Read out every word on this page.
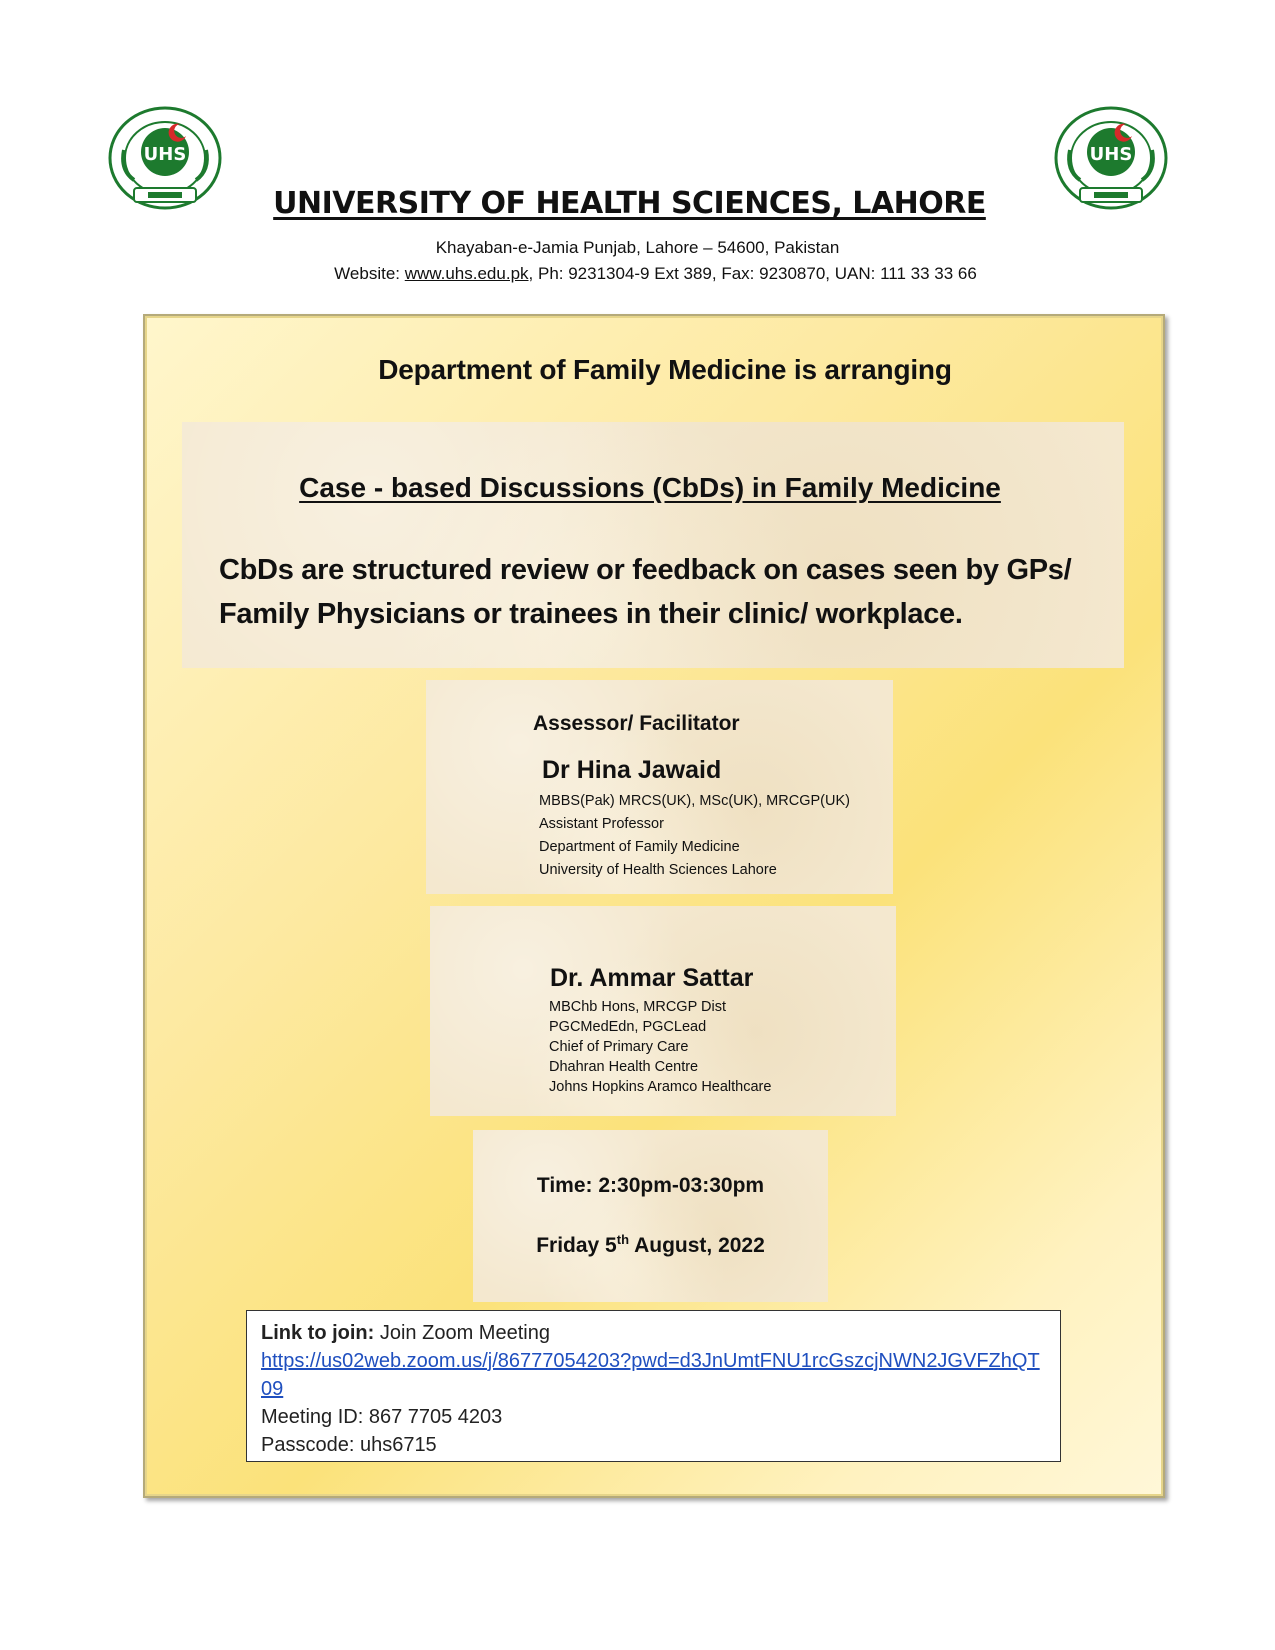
UHS	UHS
UNIVERSITY OF HEALTH SCIENCES, LAHORE
Khayaban-e-Jamia Punjab, Lahore – 54600, Pakistan
Website: www.uhs.edu.pk, Ph: 9231304-9 Ext 389, Fax: 9230870, UAN: 111 33 33 66
Department of Family Medicine is arranging
Case - based Discussions (CbDs) in Family Medicine
CbDs are structured review or feedback on cases seen by GPs/
Family Physicians or trainees in their clinic/ workplace.
Assessor/ Facilitator
Dr Hina Jawaid
MBBS(Pak) MRCS(UK), MSc(UK), MRCGP(UK)
Assistant Professor
Department of Family Medicine
University of Health Sciences Lahore
Dr. Ammar Sattar
MBChb Hons, MRCGP Dist
PGCMedEdn, PGCLead
Chief of Primary Care
Dhahran Health Centre
Johns Hopkins Aramco Healthcare
Time: 2:30pm-03:30pm
Friday 5th August, 2022
Link to join: Join Zoom Meeting
https://us02web.zoom.us/j/86777054203?pwd=d3JnUmtFNU1rcGszcjNWN2JGVFZhQT09
Meeting ID: 867 7705 4203
Passcode: uhs6715
